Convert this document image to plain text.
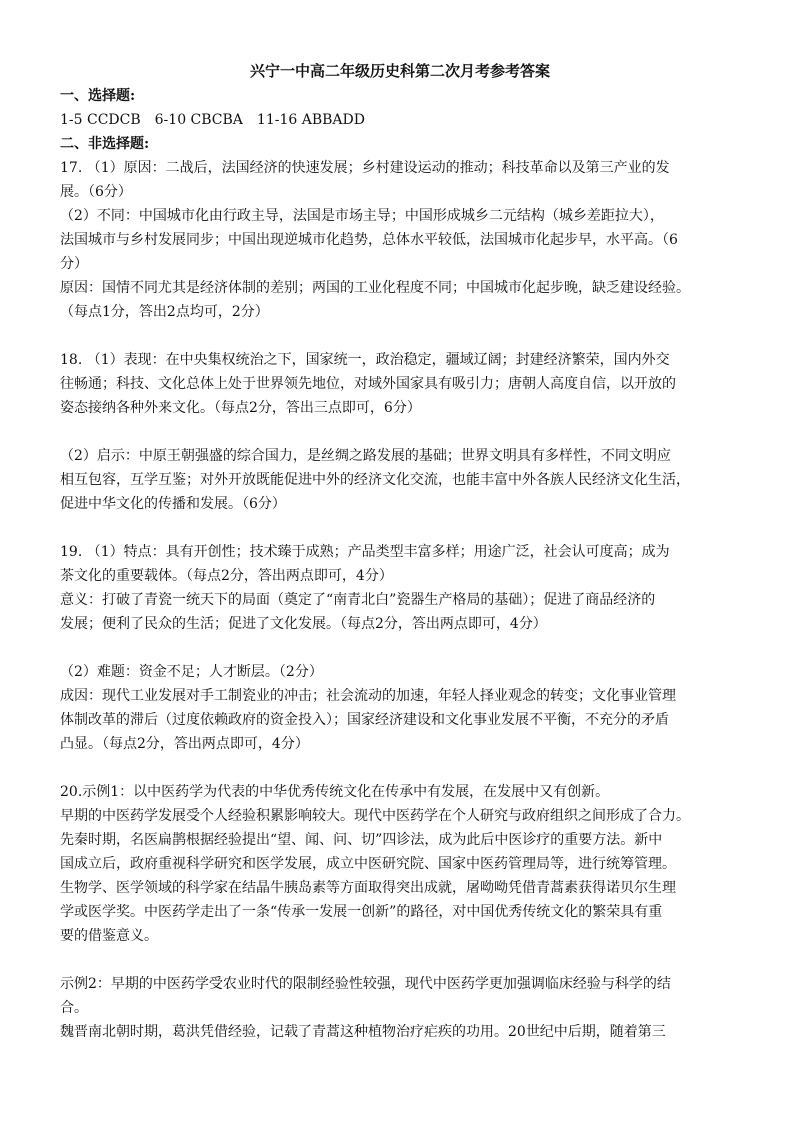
兴宁一中高二年级历史科第二次月考参考答案

一、选择题:

1-5 CCDCB　6-10 CBCBA　11-16 ABBADD

二、非选择题:

17. （1）原因：二战后，法国经济的快速发展；乡村建设运动的推动；科技革命以及第三产业的发

展。（6分）

（2）不同：中国城市化由行政主导，法国是市场主导；中国形成城乡二元结构（城乡差距拉大），

法国城市与乡村发展同步；中国出现逆城市化趋势，总体水平较低，法国城市化起步早，水平高。（6

分）

原因：国情不同尤其是经济体制的差别；两国的工业化程度不同；中国城市化起步晚，缺乏建设经验。

（每点1分，答出2点均可，2分）

18. （1）表现：在中央集权统治之下，国家统一，政治稳定，疆域辽阔；封建经济繁荣，国内外交

往畅通；科技、文化总体上处于世界领先地位，对域外国家具有吸引力；唐朝人高度自信，以开放的

姿态接纳各种外来文化。（每点2分，答出三点即可，6分）

（2）启示：中原王朝强盛的综合国力，是丝绸之路发展的基础；世界文明具有多样性，不同文明应

相互包容，互学互鉴；对外开放既能促进中外的经济文化交流，也能丰富中外各族人民经济文化生活，

促进中华文化的传播和发展。（6分）

19. （1）特点：具有开创性；技术臻于成熟；产品类型丰富多样；用途广泛，社会认可度高；成为

茶文化的重要载体。（每点2分，答出两点即可，4分）

意义：打破了青瓷一统天下的局面（奠定了“南青北白”瓷器生产格局的基础）；促进了商品经济的

发展；便利了民众的生活；促进了文化发展。（每点2分，答出两点即可，4分）

（2）难题：资金不足；人才断层。（2分）

成因：现代工业发展对手工制瓷业的冲击；社会流动的加速，年轻人择业观念的转变；文化事业管理

体制改革的滞后（过度依赖政府的资金投入）；国家经济建设和文化事业发展不平衡，不充分的矛盾

凸显。（每点2分，答出两点即可，4分）

20.示例1：以中医药学为代表的中华优秀传统文化在传承中有发展，在发展中又有创新。

早期的中医药学发展受个人经验积累影响较大。现代中医药学在个人研究与政府组织之间形成了合力。

先秦时期，名医扁鹊根据经验提出“望、闻、问、切”四诊法，成为此后中医诊疗的重要方法。新中

国成立后，政府重视科学研究和医学发展，成立中医研究院、国家中医药管理局等，进行统筹管理。

生物学、医学领域的科学家在结晶牛胰岛素等方面取得突出成就，屠呦呦凭借青蒿素获得诺贝尔生理

学或医学奖。中医药学走出了一条“传承一发展一创新”的路径，对中国优秀传统文化的繁荣具有重

要的借鉴意义。

示例2：早期的中医药学受农业时代的限制经验性较强，现代中医药学更加强调临床经验与科学的结

合。

魏晋南北朝时期，葛洪凭借经验，记载了青蒿这种植物治疗疟疾的功用。20世纪中后期，随着第三
